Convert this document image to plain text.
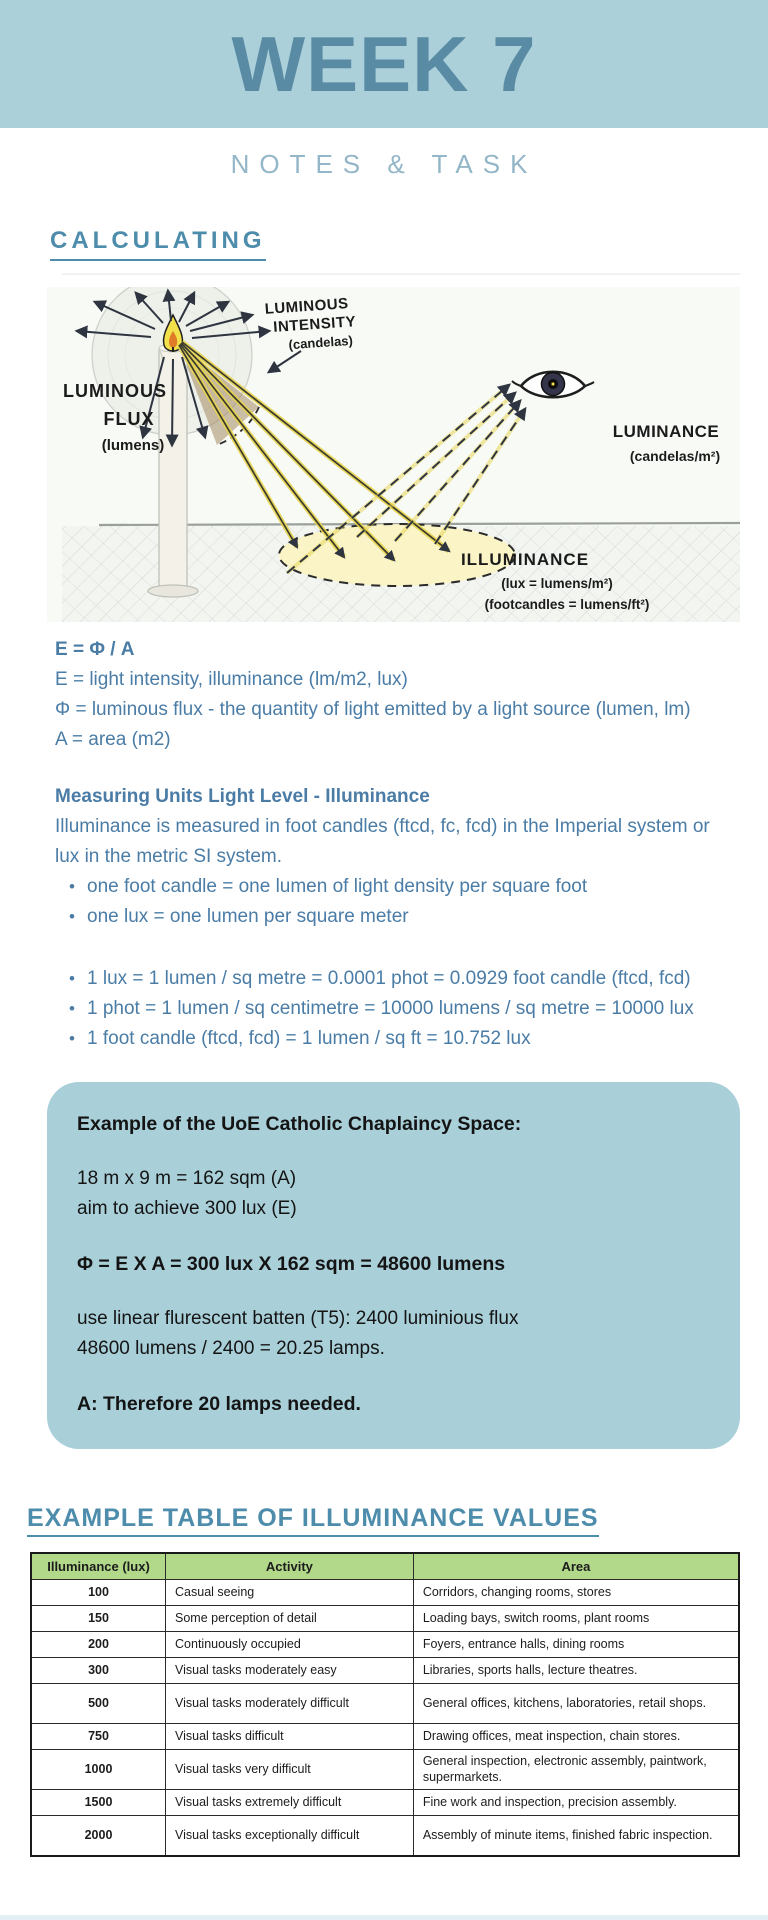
WEEK 7
NOTES & TASK
CALCULATING
LUMINOUS
FLUX
(lumens)
LUMINOUS
INTENSITY
(candelas)
LUMINANCE
(candelas/m²)
ILLUMINANCE
(lux = lumens/m²)
(footcandles = lumens/ft²)
E = Φ / A
E = light intensity, illuminance (lm/m2, lux)
Φ = luminous flux - the quantity of light emitted by a light source (lumen, lm)
A = area (m2)
Measuring Units Light Level - Illuminance
Illuminance is measured in foot candles (ftcd, fc, fcd) in the Imperial system or lux in the metric SI system.
• one foot candle = one lumen of light density per square foot
• one lux = one lumen per square meter
• 1 lux = 1 lumen / sq metre = 0.0001 phot = 0.0929 foot candle (ftcd, fcd)
• 1 phot = 1 lumen / sq centimetre = 10000 lumens / sq metre = 10000 lux
• 1 foot candle (ftcd, fcd) = 1 lumen / sq ft = 10.752 lux
Example of the UoE Catholic Chaplaincy Space:
18 m x 9 m = 162 sqm (A)
aim to achieve 300 lux (E)
Φ = E X A = 300 lux X 162 sqm = 48600 lumens
use linear flurescent batten (T5): 2400 luminious flux
48600 lumens / 2400 = 20.25 lamps.
A: Therefore 20 lamps needed.
EXAMPLE TABLE OF ILLUMINANCE VALUES
Illuminance (lux)	Activity	Area
100	Casual seeing	Corridors, changing rooms, stores
150	Some perception of detail	Loading bays, switch rooms, plant rooms
200	Continuously occupied	Foyers, entrance halls, dining rooms
300	Visual tasks moderately easy	Libraries, sports halls, lecture theatres.
500	Visual tasks moderately difficult	General offices, kitchens, laboratories, retail shops.
750	Visual tasks difficult	Drawing offices, meat inspection, chain stores.
1000	Visual tasks very difficult	General inspection, electronic assembly, paintwork, supermarkets.
1500	Visual tasks extremely difficult	Fine work and inspection, precision assembly.
2000	Visual tasks exceptionally difficult	Assembly of minute items, finished fabric inspection.
